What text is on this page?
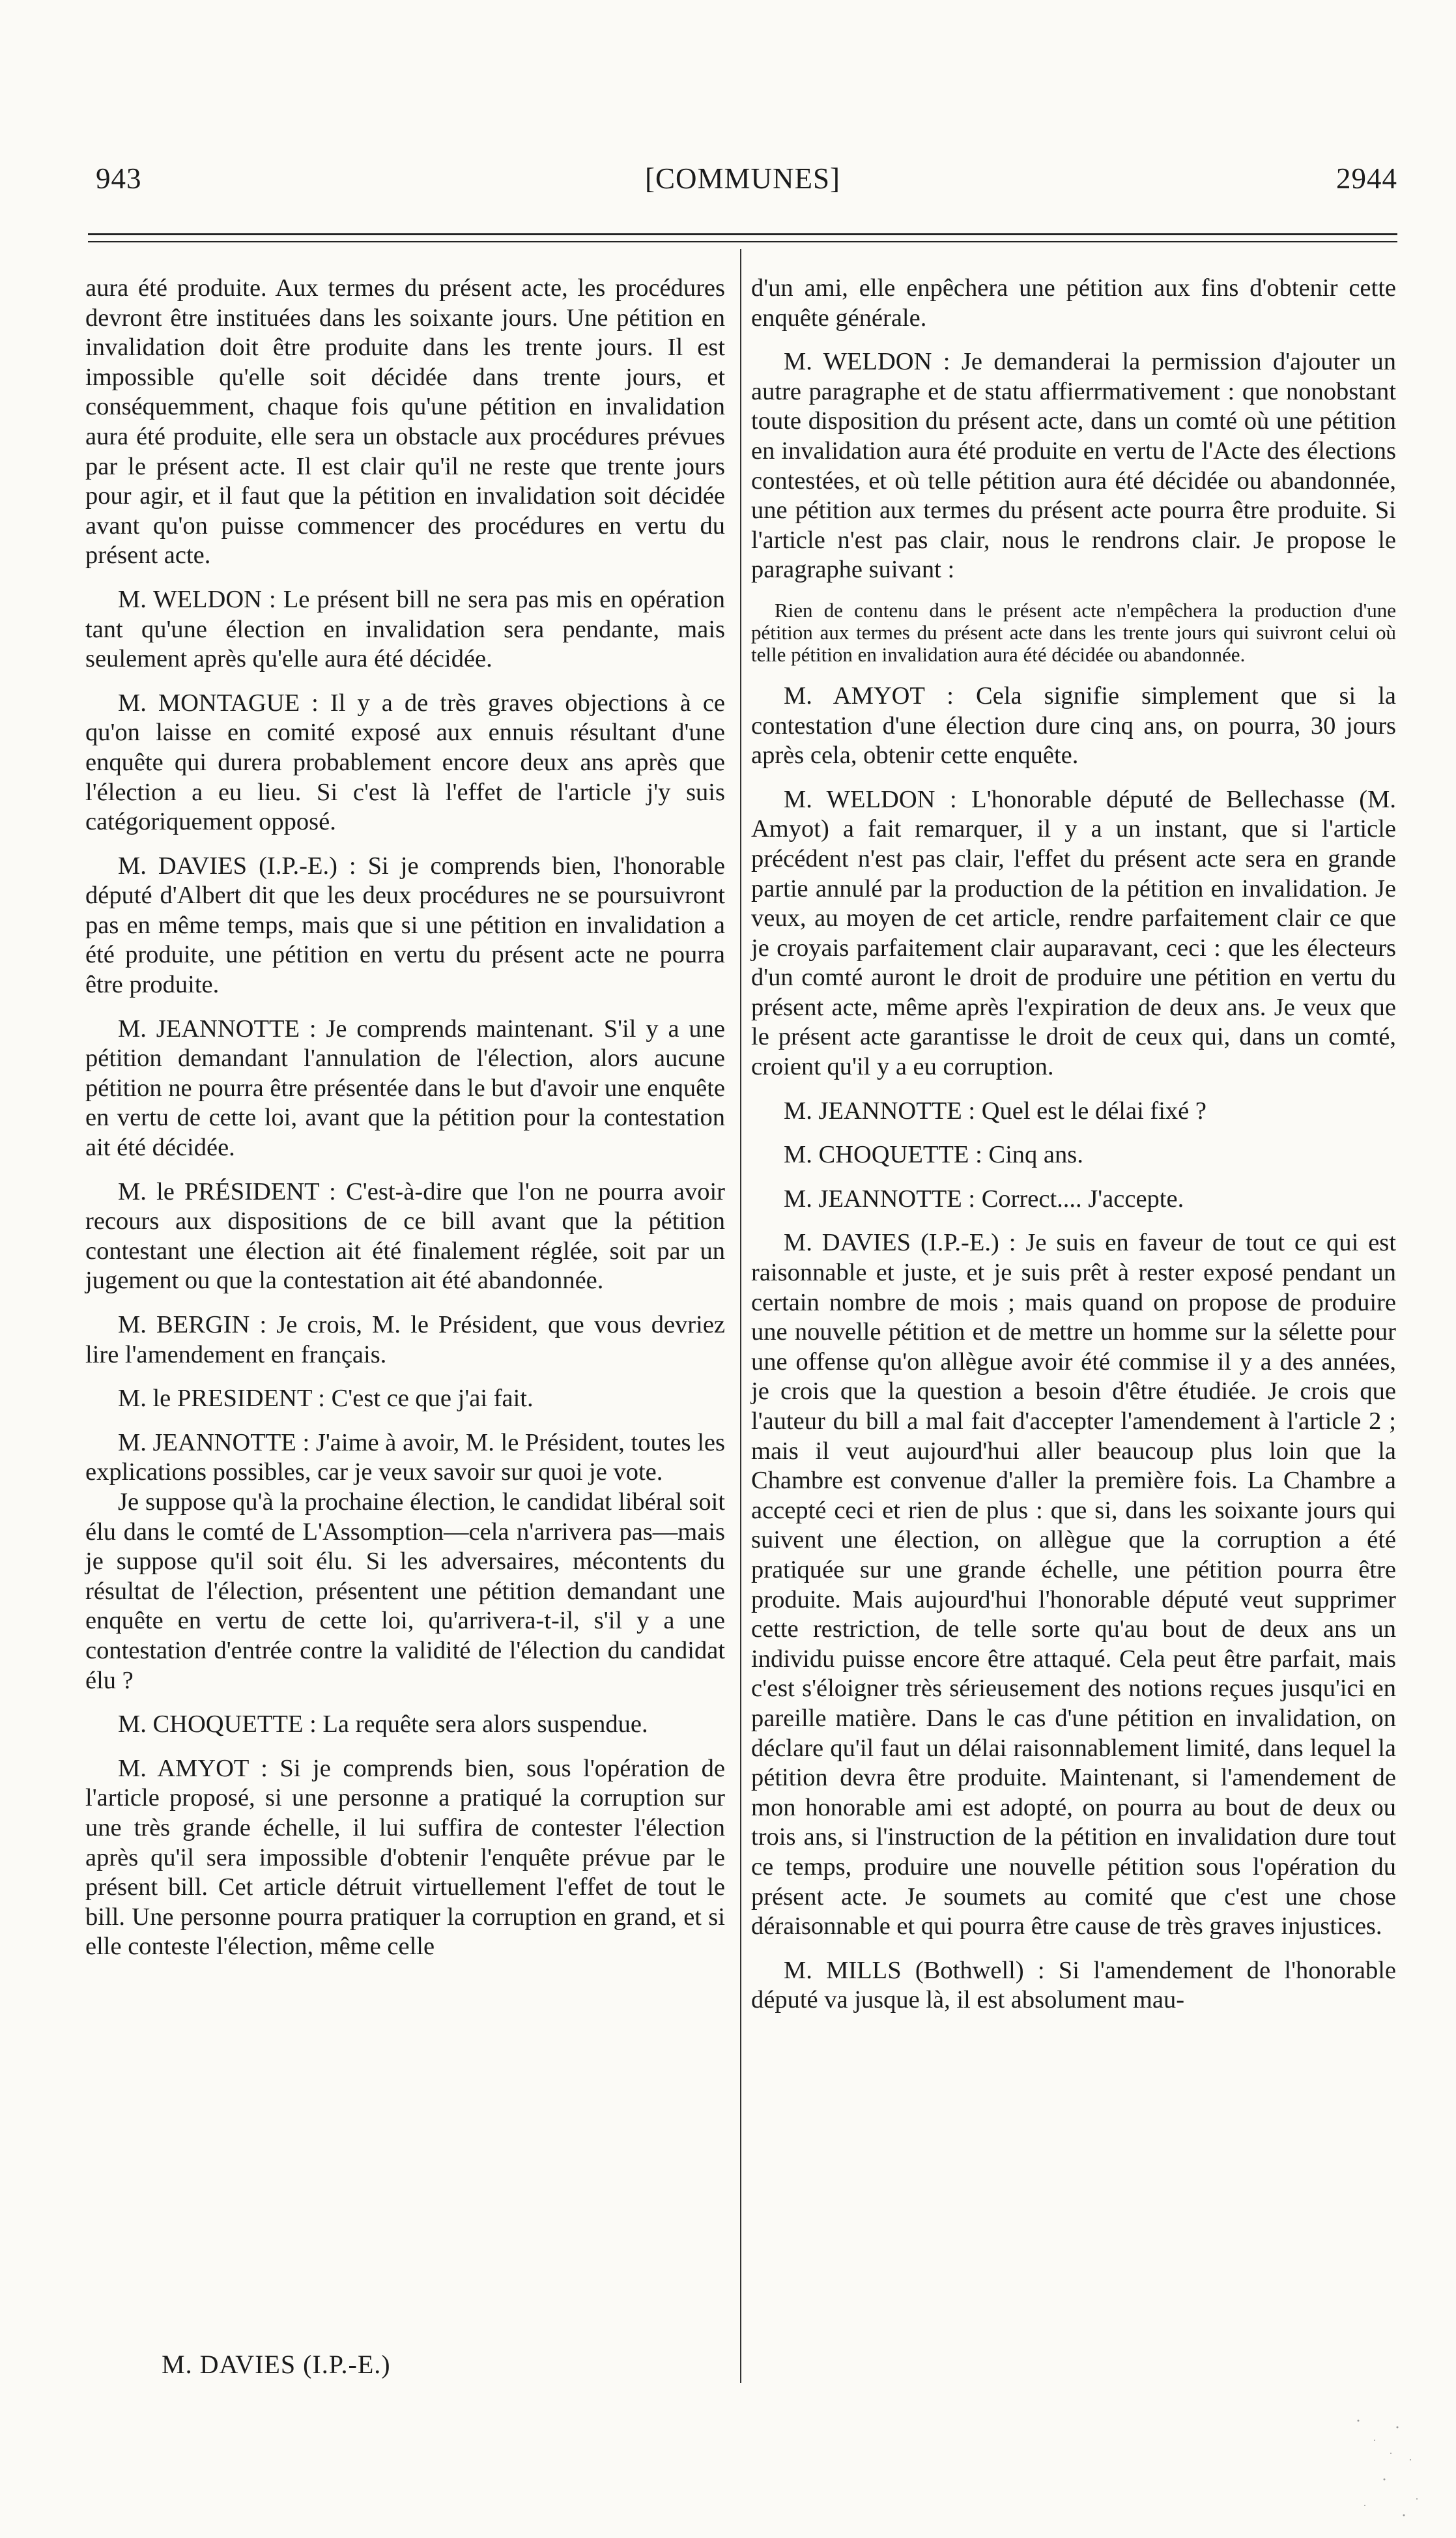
943	[COMMUNES]	2944

aura été produite. Aux termes du présent acte, les procédures devront être instituées dans les soixante jours. Une pétition en invalidation doit être produite dans les trente jours. Il est impossible qu'elle soit décidée dans trente jours, et conséquemment, chaque fois qu'une pétition en invalidation aura été produite, elle sera un obstacle aux procédures prévues par le présent acte. Il est clair qu'il ne reste que trente jours pour agir, et il faut que la pétition en invalidation soit décidée avant qu'on puisse commencer des procédures en vertu du présent acte.

M. WELDON : Le présent bill ne sera pas mis en opération tant qu'une élection en invalidation sera pendante, mais seulement après qu'elle aura été décidée.

M. MONTAGUE : Il y a de très graves objections à ce qu'on laisse en comité exposé aux ennuis résultant d'une enquête qui durera probablement encore deux ans après que l'élection a eu lieu. Si c'est là l'effet de l'article j'y suis catégoriquement opposé.

M. DAVIES (I.P.-E.) : Si je comprends bien, l'honorable député d'Albert dit que les deux procédures ne se poursuivront pas en même temps, mais que si une pétition en invalidation a été produite, une pétition en vertu du présent acte ne pourra être produite.

M. JEANNOTTE : Je comprends maintenant. S'il y a une pétition demandant l'annulation de l'élection, alors aucune pétition ne pourra être présentée dans le but d'avoir une enquête en vertu de cette loi, avant que la pétition pour la contestation ait été décidée.

M. le PRÉSIDENT : C'est-à-dire que l'on ne pourra avoir recours aux dispositions de ce bill avant que la pétition contestant une élection ait été finalement réglée, soit par un jugement ou que la contestation ait été abandonnée.

M. BERGIN : Je crois, M. le Président, que vous devriez lire l'amendement en français.

M. le PRESIDENT : C'est ce que j'ai fait.

M. JEANNOTTE : J'aime à avoir, M. le Président, toutes les explications possibles, car je veux savoir sur quoi je vote.

Je suppose qu'à la prochaine élection, le candidat libéral soit élu dans le comté de L'Assomption—cela n'arrivera pas—mais je suppose qu'il soit élu. Si les adversaires, mécontents du résultat de l'élection, présentent une pétition demandant une enquête en vertu de cette loi, qu'arrivera-t-il, s'il y a une contestation d'entrée contre la validité de l'élection du candidat élu ?

M. CHOQUETTE : La requête sera alors suspendue.

M. AMYOT : Si je comprends bien, sous l'opération de l'article proposé, si une personne a pratiqué la corruption sur une très grande échelle, il lui suffira de contester l'élection après qu'il sera impossible d'obtenir l'enquête prévue par le présent bill. Cet article détruit virtuellement l'effet de tout le bill. Une personne pourra pratiquer la corruption en grand, et si elle conteste l'élection, même celle

d'un ami, elle enpêchera une pétition aux fins d'obtenir cette enquête générale.

M. WELDON : Je demanderai la permission d'ajouter un autre paragraphe et de statu affierrmativement : que nonobstant toute disposition du présent acte, dans un comté où une pétition en invalidation aura été produite en vertu de l'Acte des élections contestées, et où telle pétition aura été décidée ou abandonnée, une pétition aux termes du présent acte pourra être produite. Si l'article n'est pas clair, nous le rendrons clair. Je propose le paragraphe suivant :

Rien de contenu dans le présent acte n'empêchera la production d'une pétition aux termes du présent acte dans les trente jours qui suivront celui où telle pétition en invalidation aura été décidée ou abandonnée.

M. AMYOT : Cela signifie simplement que si la contestation d'une élection dure cinq ans, on pourra, 30 jours après cela, obtenir cette enquête.

M. WELDON : L'honorable député de Bellechasse (M. Amyot) a fait remarquer, il y a un instant, que si l'article précédent n'est pas clair, l'effet du présent acte sera en grande partie annulé par la production de la pétition en invalidation. Je veux, au moyen de cet article, rendre parfaitement clair ce que je croyais parfaitement clair auparavant, ceci : que les électeurs d'un comté auront le droit de produire une pétition en vertu du présent acte, même après l'expiration de deux ans. Je veux que le présent acte garantisse le droit de ceux qui, dans un comté, croient qu'il y a eu corruption.

M. JEANNOTTE : Quel est le délai fixé ?

M. CHOQUETTE : Cinq ans.

M. JEANNOTTE : Correct.... J'accepte.

M. DAVIES (I.P.-E.) : Je suis en faveur de tout ce qui est raisonnable et juste, et je suis prêt à rester exposé pendant un certain nombre de mois ; mais quand on propose de produire une nouvelle pétition et de mettre un homme sur la sélette pour une offense qu'on allègue avoir été commise il y a des années, je crois que la question a besoin d'être étudiée. Je crois que l'auteur du bill a mal fait d'accepter l'amendement à l'article 2 ; mais il veut aujourd'hui aller beaucoup plus loin que la Chambre est convenue d'aller la première fois. La Chambre a accepté ceci et rien de plus : que si, dans les soixante jours qui suivent une élection, on allègue que la corruption a été pratiquée sur une grande échelle, une pétition pourra être produite. Mais aujourd'hui l'honorable député veut supprimer cette restriction, de telle sorte qu'au bout de deux ans un individu puisse encore être attaqué. Cela peut être parfait, mais c'est s'éloigner très sérieusement des notions reçues jusqu'ici en pareille matière. Dans le cas d'une pétition en invalidation, on déclare qu'il faut un délai raisonnablement limité, dans lequel la pétition devra être produite. Maintenant, si l'amendement de mon honorable ami est adopté, on pourra au bout de deux ou trois ans, si l'instruction de la pétition en invalidation dure tout ce temps, produire une nouvelle pétition sous l'opération du présent acte. Je soumets au comité que c'est une chose déraisonnable et qui pourra être cause de très graves injustices.

M. MILLS (Bothwell) : Si l'amendement de l'honorable député va jusque là, il est absolument mau-

M. DAVIES (I.P.-E.)
